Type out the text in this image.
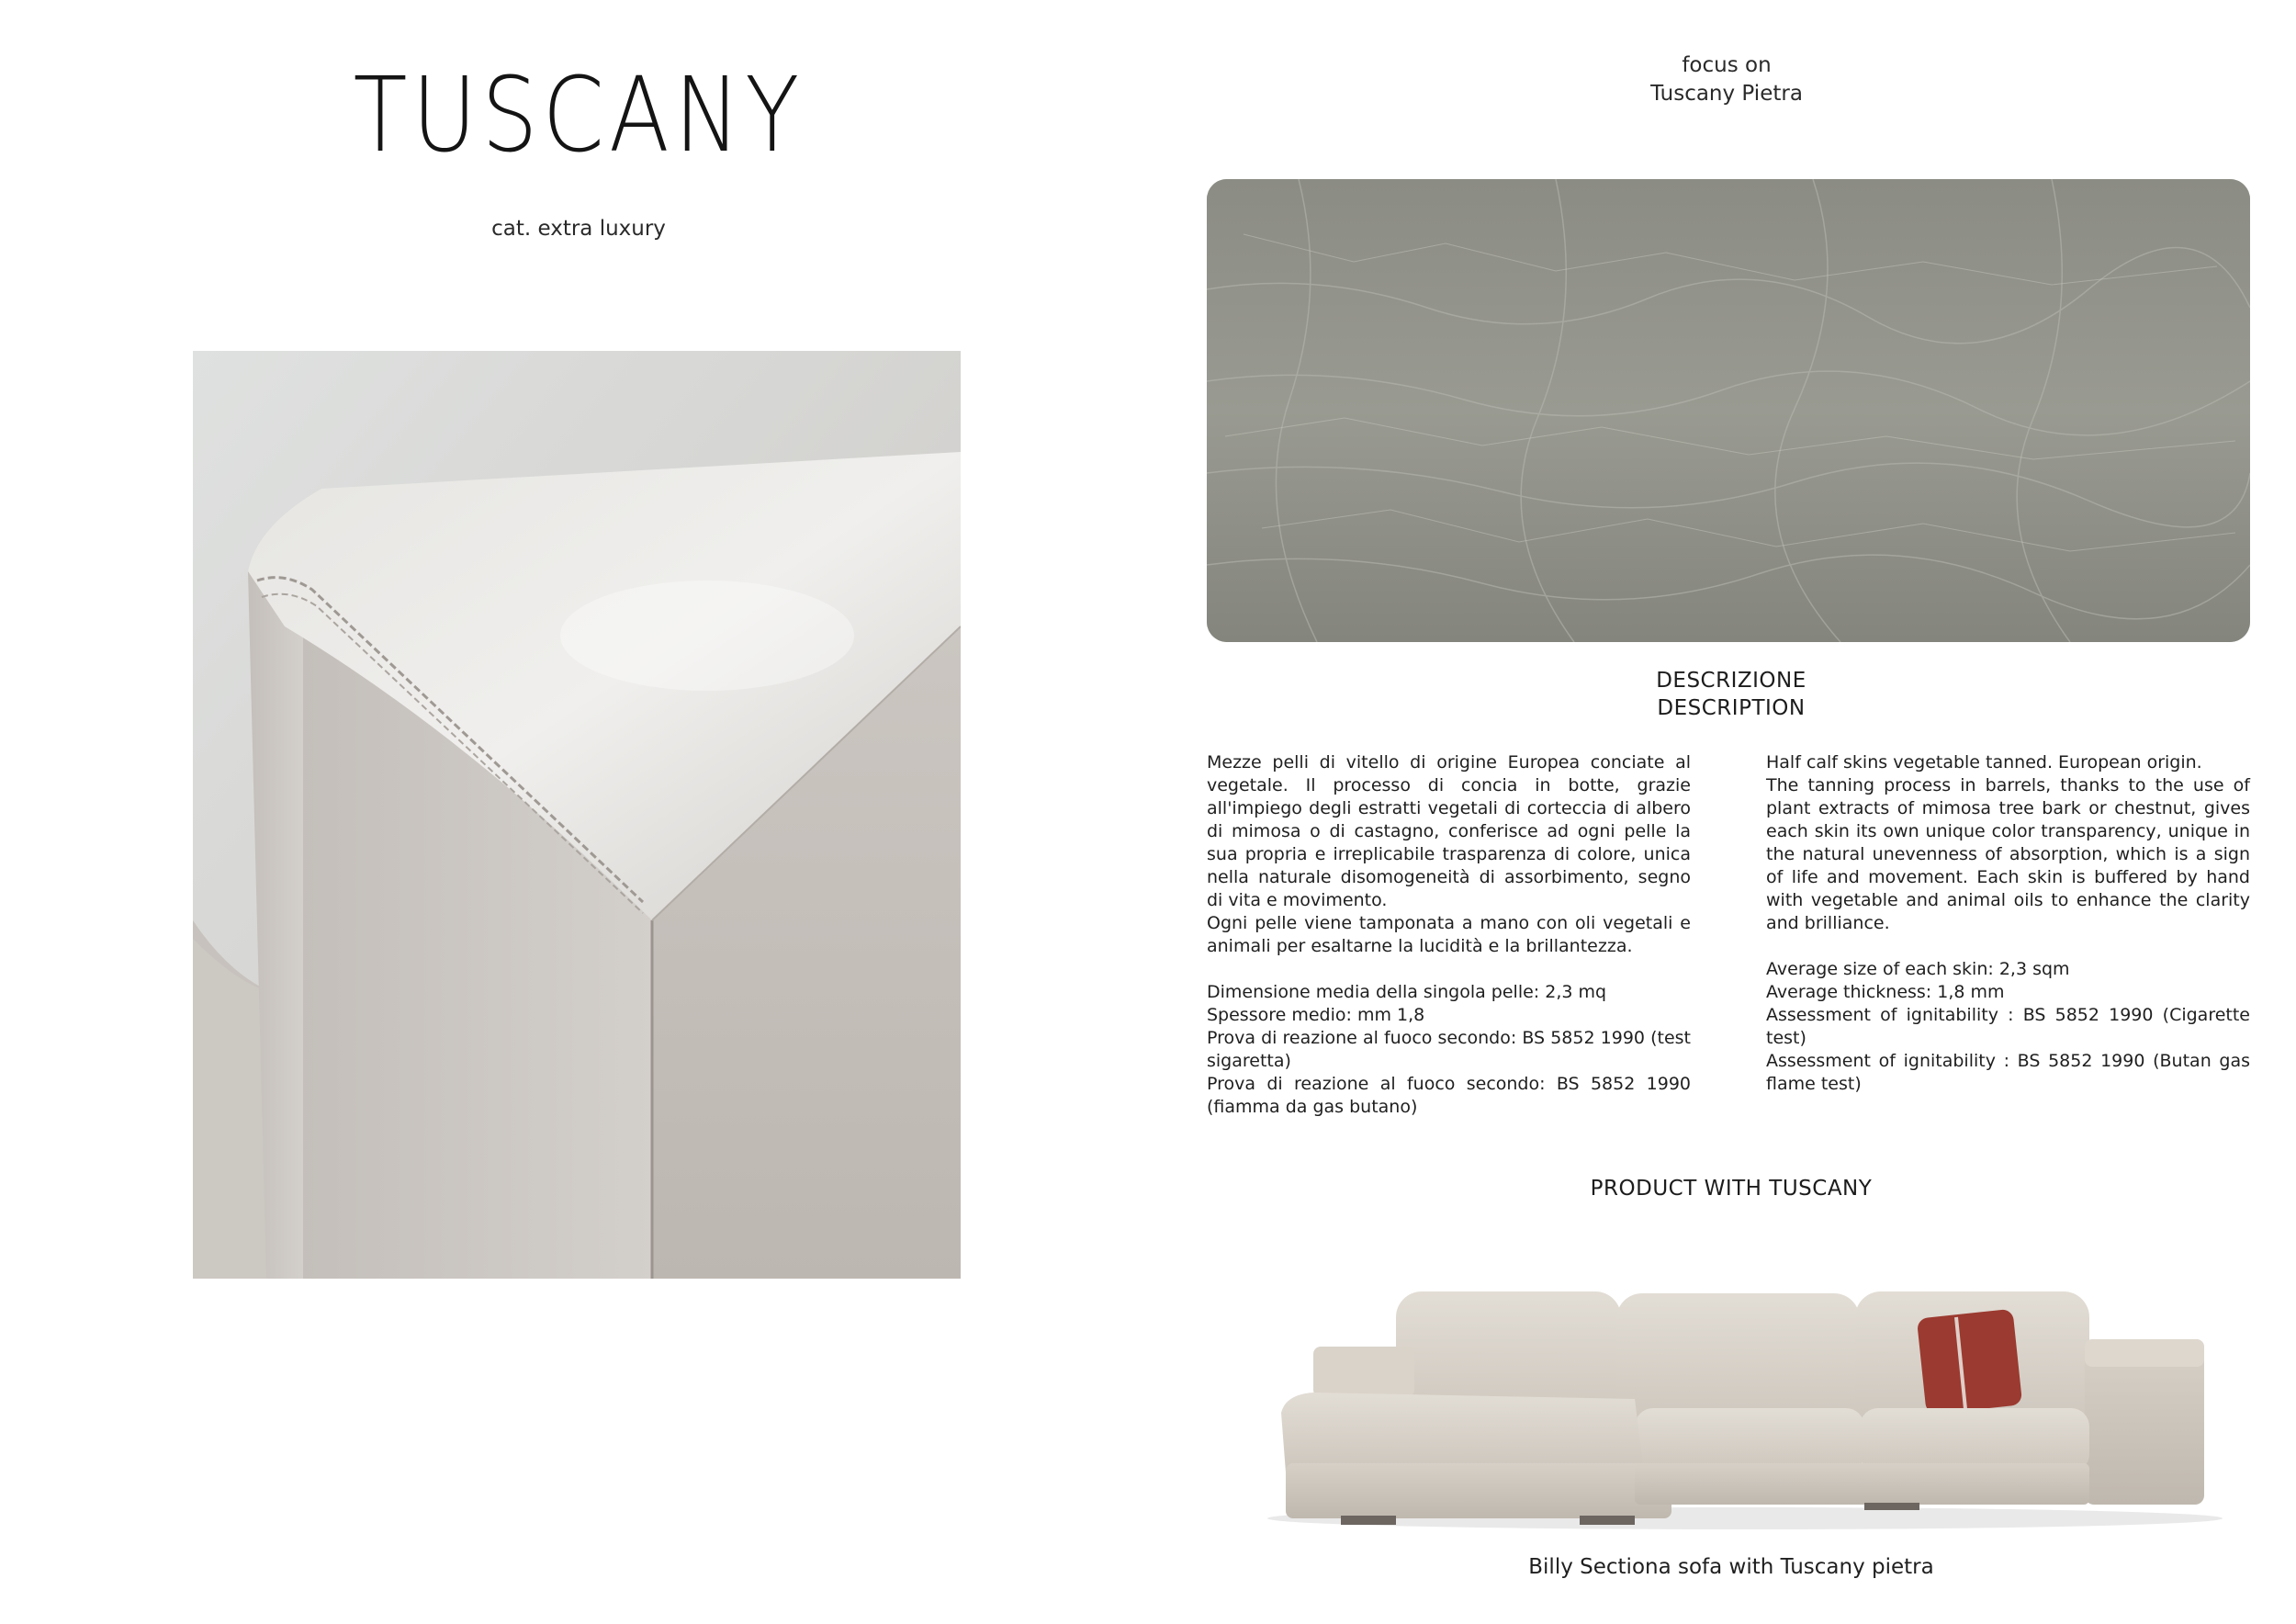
TUSCANY
cat. extra luxury
focus on
Tuscany Pietra
DESCRIZIONE
DESCRIPTION

Mezze pelli di vitello di origine Europea conciate al vegetale. Il processo di concia in botte, grazie all'impiego degli estratti vegetali di corteccia di albero di mimosa o di castagno, conferisce ad ogni pelle la sua propria e irreplicabile trasparenza di colore, unica nella naturale disomogeneità di assorbimento, segno di vita e movimento.

Ogni pelle viene tamponata a mano con oli vegetali e animali per esaltarne la lucidità e la brillantezza.

Dimensione media della singola pelle: 2,3 mq

Spessore medio: mm 1,8

Prova di reazione al fuoco secondo: BS 5852 1990 (test sigaretta)

Prova di reazione al fuoco secondo: BS 5852 1990 (fiamma da gas butano)

Half calf skins vegetable tanned. European origin.

The tanning process in barrels, thanks to the use of plant extracts of mimosa tree bark or chestnut, gives each skin its own unique color transparency, unique in the natural unevenness of absorption, which is a sign of life and movement. Each skin is buffered by hand with vegetable and animal oils to enhance the clarity and brilliance.

Average size of each skin: 2,3 sqm

Average thickness: 1,8 mm

Assessment of ignitability : BS 5852 1990 (Cigarette test)

Assessment of ignitability : BS 5852 1990 (Butan gas flame test)

PRODUCT WITH TUSCANY
Billy Sectiona sofa with Tuscany pietra
